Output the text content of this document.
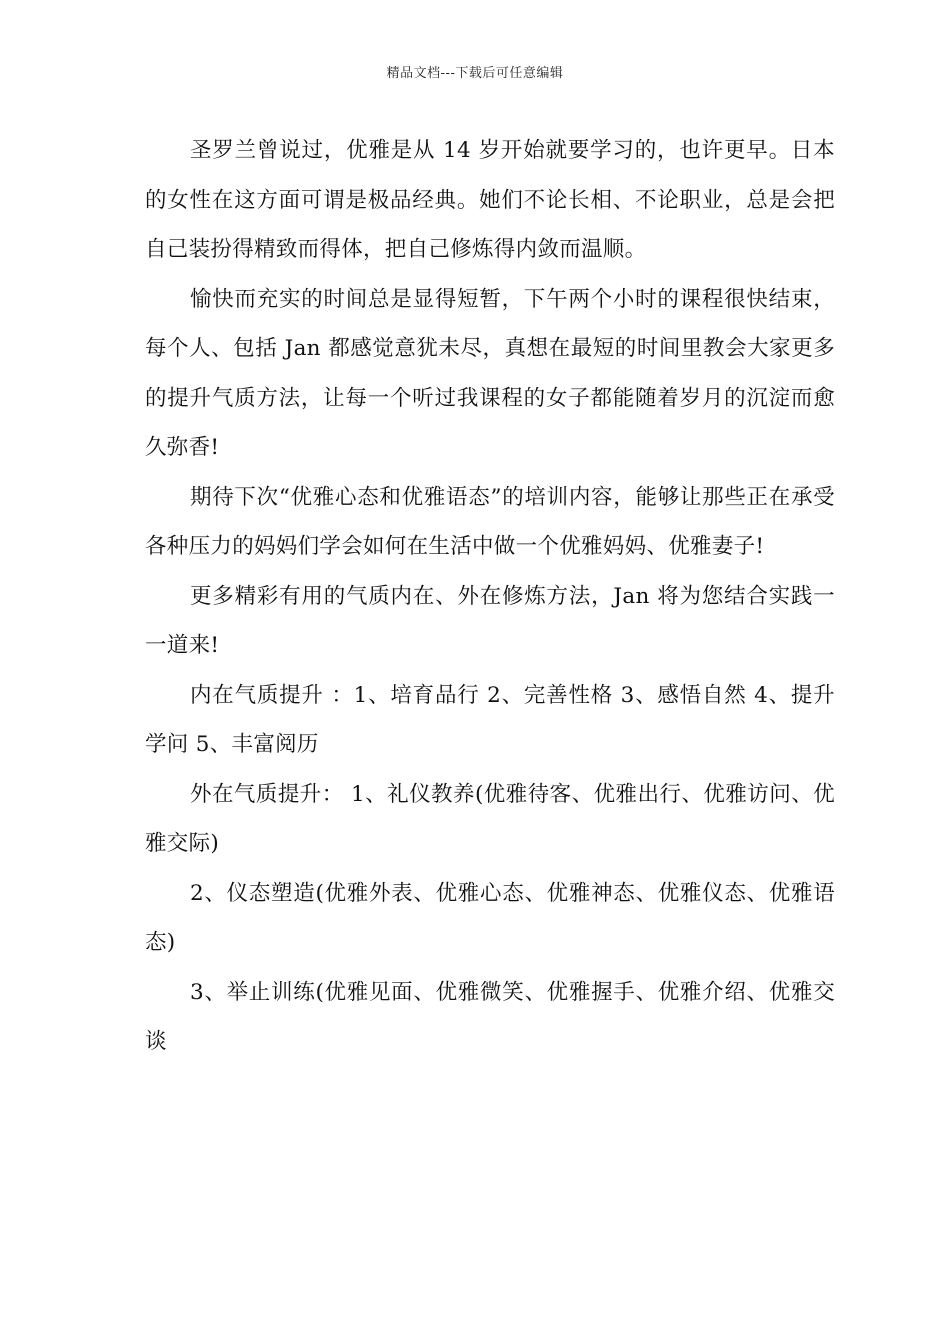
精品文档---下载后可任意编辑

圣罗兰曾说过，优雅是从 14 岁开始就要学习的，也许更早。日本的女性在这方面可谓是极品经典。她们不论长相、不论职业，总是会把自己装扮得精致而得体，把自己修炼得内敛而温顺。

愉快而充实的时间总是显得短暂，下午两个小时的课程很快结束，每个人、包括 Jan 都感觉意犹未尽，真想在最短的时间里教会大家更多的提升气质方法，让每一个听过我课程的女子都能随着岁月的沉淀而愈久弥香!

期待下次“优雅心态和优雅语态”的培训内容，能够让那些正在承受各种压力的妈妈们学会如何在生活中做一个优雅妈妈、优雅妻子!

更多精彩有用的气质内在、外在修炼方法，Jan 将为您结合实践一一道来!

内在气质提升 ：1、培育品行 2、完善性格 3、感悟自然 4、提升学问 5、丰富阅历

外在气质提升： 1、礼仪教养(优雅待客、优雅出行、优雅访问、优雅交际)

2、仪态塑造(优雅外表、优雅心态、优雅神态、优雅仪态、优雅语态)

3、举止训练(优雅见面、优雅微笑、优雅握手、优雅介绍、优雅交谈
